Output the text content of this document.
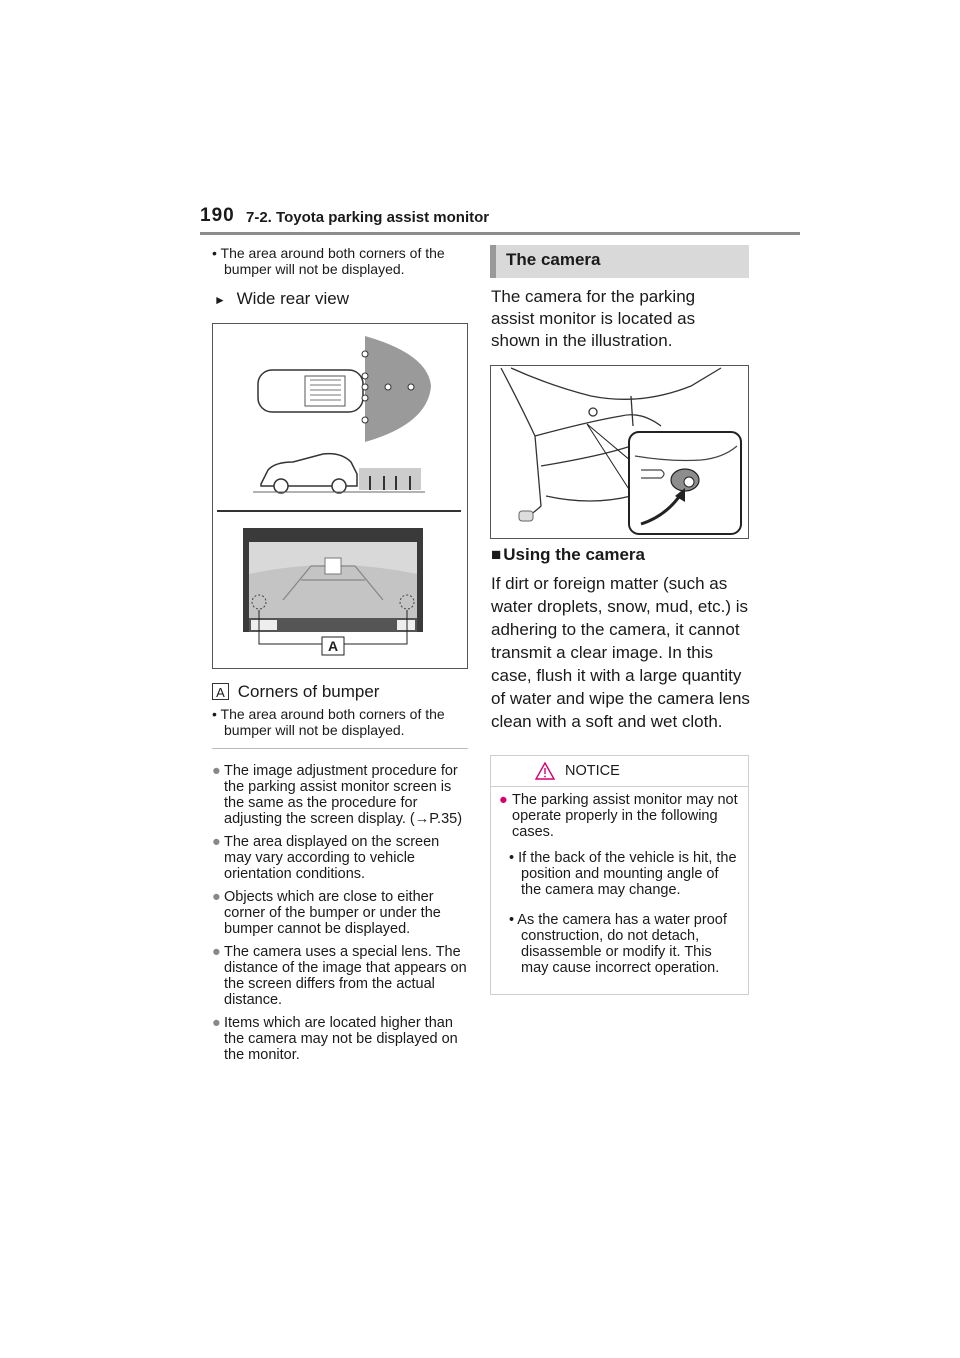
190 7-2. Toyota parking assist monitor
• The area around both corners of the bumper will not be displayed.
► Wide rear view
A
A Corners of bumper
• The area around both corners of the bumper will not be displayed.
● The image adjustment procedure for the parking assist monitor screen is the same as the procedure for adjusting the screen display. (→P.35)
● The area displayed on the screen may vary according to vehicle orientation conditions.
● Objects which are close to either corner of the bumper or under the bumper cannot be displayed.
● The camera uses a special lens. The distance of the image that appears on the screen differs from the actual distance.
● Items which are located higher than the camera may not be displayed on the monitor.
The camera
The camera for the parking assist monitor is located as shown in the illustration.
■ Using the camera
If dirt or foreign matter (such as water droplets, snow, mud, etc.) is adhering to the camera, it cannot transmit a clear image. In this case, flush it with a large quantity of water and wipe the camera lens clean with a soft and wet cloth.
NOTICE
● The parking assist monitor may not operate properly in the following cases.
• If the back of the vehicle is hit, the position and mounting angle of the camera may change.
• As the camera has a water proof construction, do not detach, disassemble or modify it. This may cause incorrect operation.
